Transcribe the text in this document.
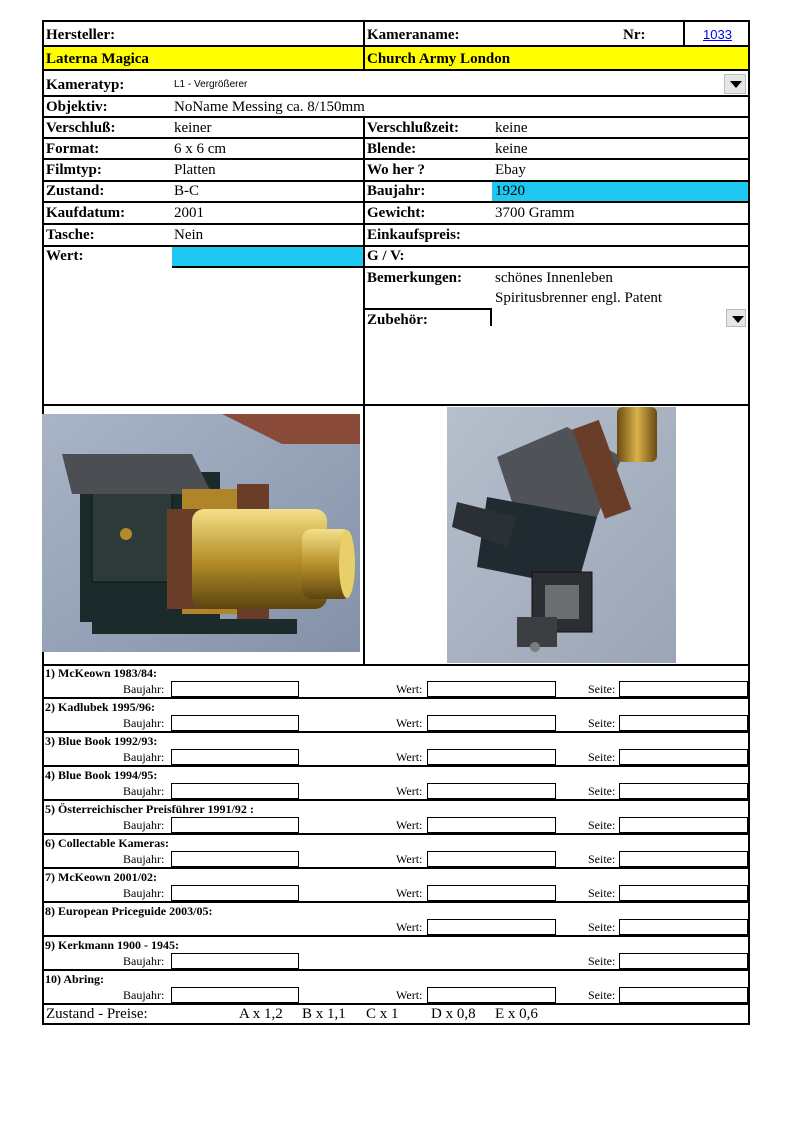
Hersteller:
Laterna Magica
Kameraname:
Church Army London
Nr:	1033
Kameratyp:	L1 - Vergrößerer
Objektiv:	NoName Messing ca. 8/150mm
Verschluß:	keiner	Verschlußzeit: keine
Format:	6 x 6 cm	Blende:	keine
Filmtyp:	Platten	Wo her ?	Ebay
Zustand:	B-C	Baujahr:	1920
Kaufdatum:	2001	Gewicht:	3700 Gramm
Tasche:	Nein	Einkaufspreis:
Wert:	G / V:
Bemerkungen: schönes Innenleben
Spiritusbrenner engl. Patent
Zubehör:
1) McKeown 1983/84:
Baujahr:	Wert:	Seite:
2) Kadlubek 1995/96:
Baujahr:	Wert:	Seite:
3) Blue Book 1992/93:
Baujahr:	Wert:	Seite:
4) Blue Book 1994/95:
Baujahr:	Wert:	Seite:
5) Österreichischer Preisführer 1991/92 :
Baujahr:	Wert:	Seite:
6) Collectable Kameras:
Baujahr:	Wert:	Seite:
7) McKeown 2001/02:
Baujahr:	Wert:	Seite:
8) European Priceguide 2003/05:
Wert:	Seite:
9) Kerkmann 1900 - 1945:
Baujahr:	Seite:
10) Abring:
Baujahr:	Wert:	Seite:
Zustand - Preise:	A x 1,2 B x 1,1 C x 1 D x 0,8 E x 0,6
